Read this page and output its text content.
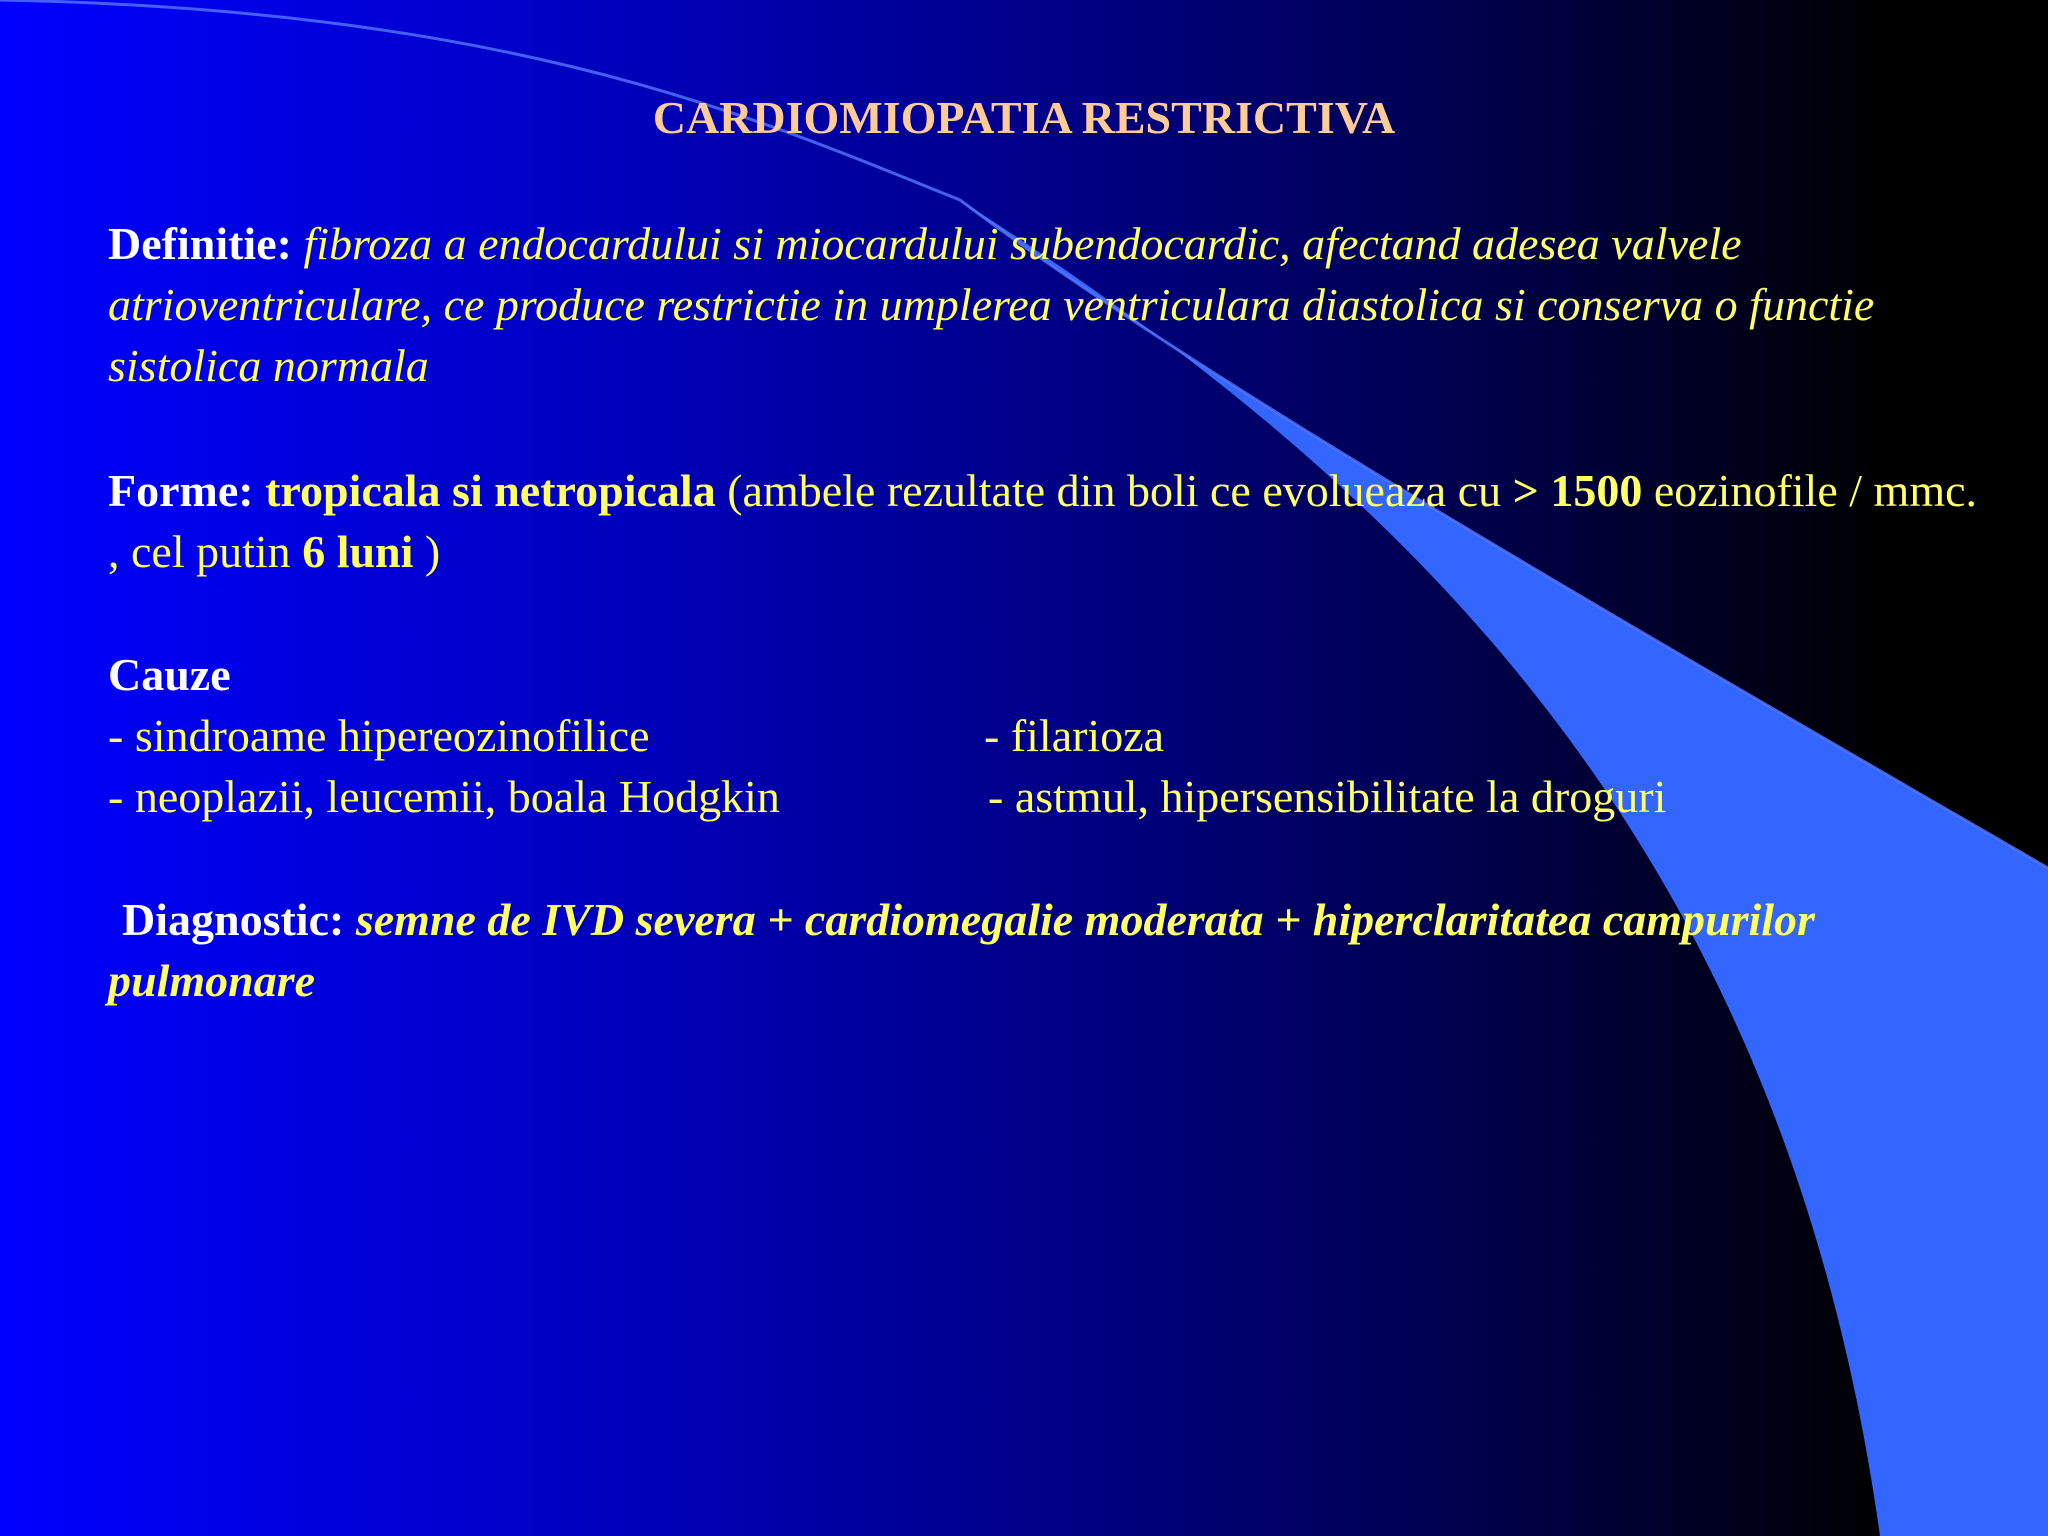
CARDIOMIOPATIA RESTRICTIVA
Definitie: fibroza a endocardului si miocardului subendocardic, afectand adesea valvele atrioventriculare, ce produce restrictie in umplerea ventriculara diastolica si conserva o functie sistolica normala
Forme: tropicala si netropicala (ambele rezultate din boli ce evolueaza cu > 1500 eozinofile / mmc. , cel putin 6 luni )
Cauze
- sindroame hipereozinofilice	- filarioza
- neoplazii, leucemii, boala Hodgkin	- astmul, hipersensibilitate la droguri
Diagnostic: semne de IVD severa + cardiomegalie moderata + hiperclaritatea campurilor pulmonare
